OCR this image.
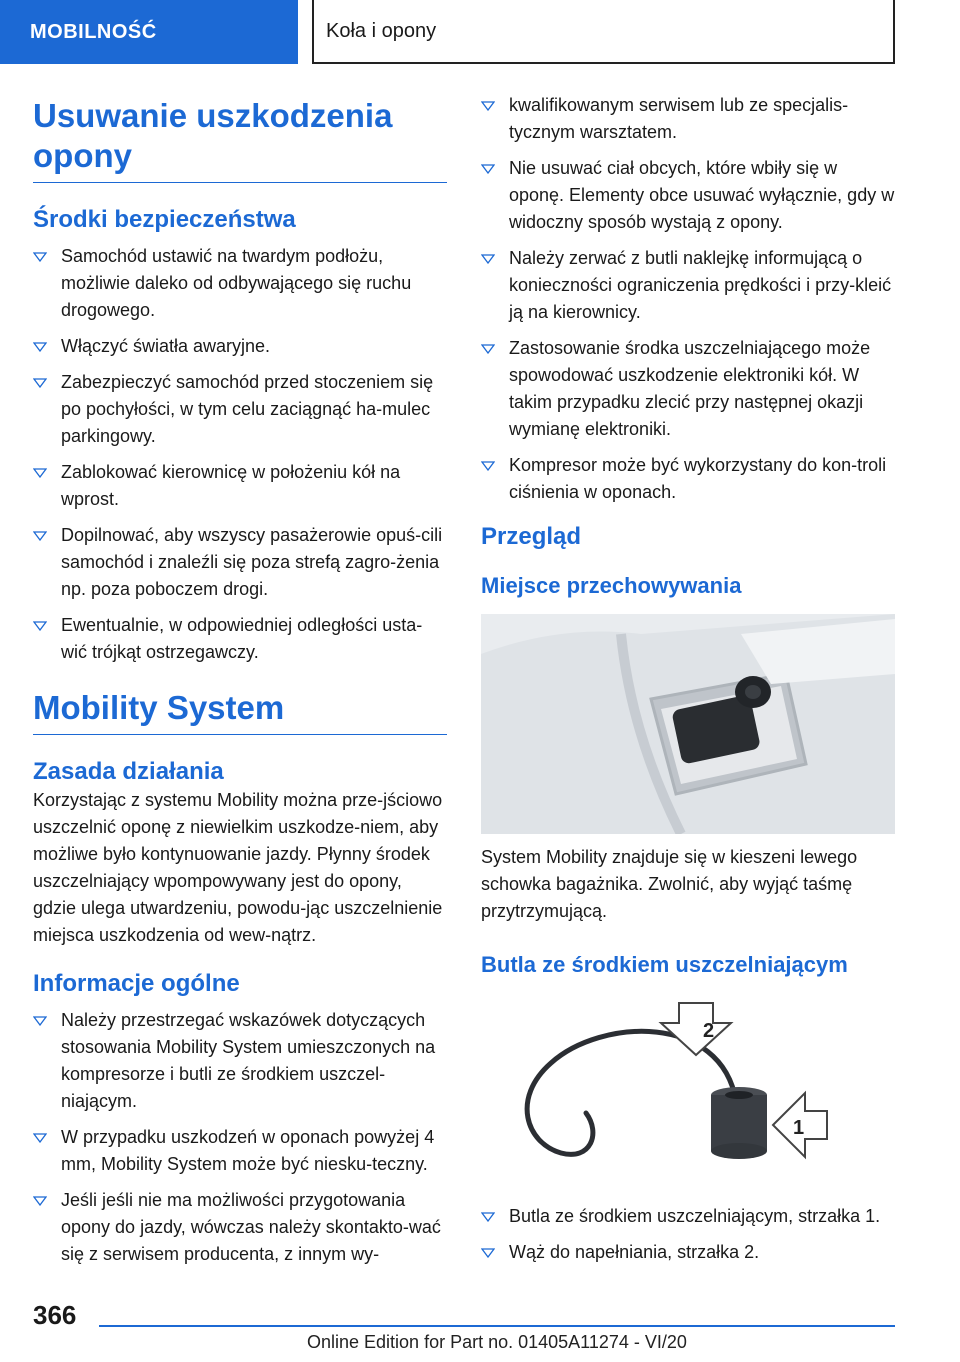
MOBILNOŚĆ	Koła i opony
Usuwanie uszkodzenia opony
Środki bezpieczeństwa
Samochód ustawić na twardym podłożu, możliwie daleko od odbywającego się ruchu drogowego.
Włączyć światła awaryjne.
Zabezpieczyć samochód przed stoczeniem się po pochyłości, w tym celu zaciągnąć ha-mulec parkingowy.
Zablokować kierownicę w położeniu kół na wprost.
Dopilnować, aby wszyscy pasażerowie opuś-cili samochód i znaleźli się poza strefą zagro-żenia np. poza poboczem drogi.
Ewentualnie, w odpowiedniej odległości usta-wić trójkąt ostrzegawczy.
Mobility System
Zasada działania

Korzystając z systemu Mobility można prze-jściowo uszczelnić oponę z niewielkim uszkodze-niem, aby możliwe było kontynuowanie jazdy. Płynny środek uszczelniający wpompowywany jest do opony, gdzie ulega utwardzeniu, powodu-jąc uszczelnienie miejsca uszkodzenia od wew-nątrz.

Informacje ogólne
Należy przestrzegać wskazówek dotyczących stosowania Mobility System umieszczonych na kompresorze i butli ze środkiem uszczel-niającym.
W przypadku uszkodzeń w oponach powyżej 4 mm, Mobility System może być niesku-teczny.
Jeśli jeśli nie ma możliwości przygotowania opony do jazdy, wówczas należy skontakto-wać się z serwisem producenta, z innym wy-
kwalifikowanym serwisem lub ze specjalis-tycznym warsztatem.
Nie usuwać ciał obcych, które wbiły się w oponę. Elementy obce usuwać wyłącznie, gdy w widoczny sposób wystają z opony.
Należy zerwać z butli naklejkę informującą o konieczności ograniczenia prędkości i przy-kleić ją na kierownicy.
Zastosowanie środka uszczelniającego może spowodować uszkodzenie elektroniki kół. W takim przypadku zlecić przy następnej okazji wymianę elektroniki.
Kompresor może być wykorzystany do kon-troli ciśnienia w oponach.
Przegląd
Miejsce przechowywania

System Mobility znajduje się w kieszeni lewego schowka bagażnika. Zwolnić, aby wyjąć taśmę przytrzymującą.

Butla ze środkiem uszczelniającym
2
1
Butla ze środkiem uszczelniającym, strzałka 1.
Wąż do napełniania, strzałka 2.
366
Online Edition for Part no. 01405A11274 - VI/20
